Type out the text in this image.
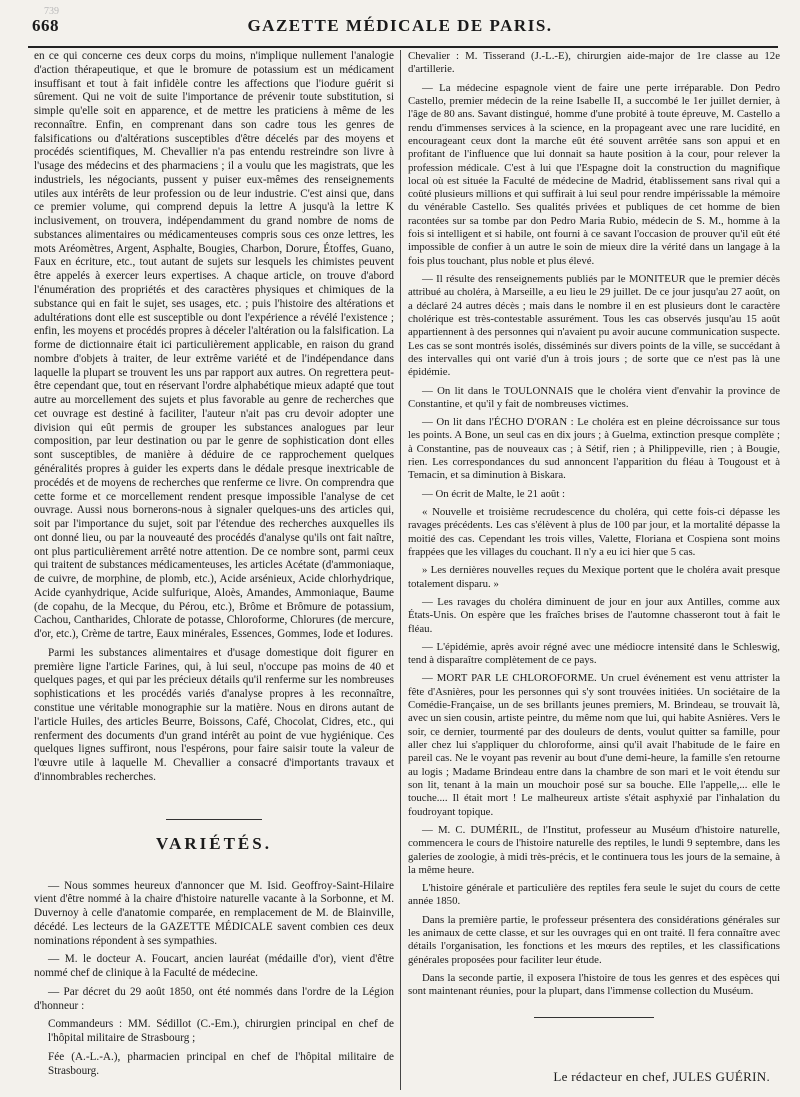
739
668	GAZETTE MÉDICALE DE PARIS.

en ce qui concerne ces deux corps du moins, n'implique nullement l'analogie d'action thérapeutique, et que le bromure de potassium est un médicament insuffisant et tout à fait infidèle contre les affections que l'iodure guérit si sûrement. Qui ne voit de suite l'importance de prévenir toute substitution, si simple qu'elle soit en apparence, et de mettre les praticiens à même de les reconnaître. Enfin, en comprenant dans son cadre tous les genres de falsifications ou d'altérations susceptibles d'être décelés par des moyens et procédés scientifiques, M. Chevallier n'a pas entendu restreindre son livre à l'usage des médecins et des pharmaciens ; il a voulu que les magistrats, que les industriels, les négociants, pussent y puiser eux-mêmes des renseignements utiles aux intérêts de leur profession ou de leur industrie. C'est ainsi que, dans ce premier volume, qui comprend depuis la lettre A jusqu'à la lettre K inclusivement, on trouvera, indépendamment du grand nombre de noms de substances alimentaires ou médicamenteuses compris sous ces onze lettres, les mots Aréomètres, Argent, Asphalte, Bougies, Charbon, Dorure, Étoffes, Guano, Faux en écriture, etc., tout autant de sujets sur lesquels les chimistes peuvent être appelés à exercer leurs expertises. A chaque article, on trouve d'abord l'énumération des propriétés et des caractères physiques et chimiques de la substance qui en fait le sujet, ses usages, etc. ; puis l'histoire des altérations et adultérations dont elle est susceptible ou dont l'expérience a révélé l'existence ; enfin, les moyens et procédés propres à déceler l'altération ou la falsification. La forme de dictionnaire était ici particulièrement applicable, en raison du grand nombre d'objets à traiter, de leur extrême variété et de l'indépendance dans laquelle la plupart se trouvent les uns par rapport aux autres. On regrettera peut-être cependant que, tout en réservant l'ordre alphabétique mieux adapté que tout autre au morcellement des sujets et plus favorable au genre de recherches que cet ouvrage est destiné à faciliter, l'auteur n'ait pas cru devoir adopter une division qui eût permis de grouper les substances analogues par leur composition, par leur destination ou par le genre de sophistication dont elles sont susceptibles, de manière à déduire de ce rapprochement quelques généralités propres à guider les experts dans le dédale presque inextricable de procédés et de moyens de recherches que renferme ce livre. On comprendra que cette forme et ce morcellement rendent presque impossible l'analyse de cet ouvrage. Aussi nous bornerons-nous à signaler quelques-uns des articles qui, soit par l'importance du sujet, soit par l'étendue des recherches auxquelles ils ont donné lieu, ou par la nouveauté des procédés d'analyse qu'ils ont fait naître, ont plus particulièrement arrêté notre attention. De ce nombre sont, parmi ceux qui traitent de substances médicamenteuses, les articles Acétate (d'ammoniaque, de cuivre, de morphine, de plomb, etc.), Acide arsénieux, Acide chlorhydrique, Acide cyanhydrique, Acide sulfurique, Aloès, Amandes, Ammoniaque, Baume (de copahu, de la Mecque, du Pérou, etc.), Brôme et Brômure de potassium, Cachou, Cantharides, Chlorate de potasse, Chloroforme, Chlorures (de mercure, d'or, etc.), Crème de tartre, Eaux minérales, Essences, Gommes, Iode et Iodures.

Parmi les substances alimentaires et d'usage domestique doit figurer en première ligne l'article Farines, qui, à lui seul, n'occupe pas moins de 40 et quelques pages, et qui par les précieux détails qu'il renferme sur les nombreuses sophistications et les procédés variés d'analyse propres à les reconnaître, constitue une véritable monographie sur la matière. Nous en dirons autant de l'article Huiles, des articles Beurre, Boissons, Café, Chocolat, Cidres, etc., qui renferment des documents d'un grand intérêt au point de vue hygiénique. Ces quelques lignes suffiront, nous l'espérons, pour faire saisir toute la valeur de l'œuvre utile à laquelle M. Chevallier a consacré d'importants travaux et d'innombrables recherches.

VARIÉTÉS.

— Nous sommes heureux d'annoncer que M. Isid. Geoffroy-Saint-Hilaire vient d'être nommé à la chaire d'histoire naturelle vacante à la Sorbonne, et M. Duvernoy à celle d'anatomie comparée, en remplacement de M. de Blainville, décédé. Les lecteurs de la GAZETTE MÉDICALE savent combien ces deux nominations répondent à ses sympathies.

— M. le docteur A. Foucart, ancien lauréat (médaille d'or), vient d'être nommé chef de clinique à la Faculté de médecine.

— Par décret du 29 août 1850, ont été nommés dans l'ordre de la Légion d'honneur :

Commandeurs : MM. Sédillot (C.-Em.), chirurgien principal en chef de l'hôpital militaire de Strasbourg ;

Fée (A.-L.-A.), pharmacien principal en chef de l'hôpital militaire de Strasbourg.

Chevalier : M. Tisserand (J.-L.-E), chirurgien aide-major de 1re classe au 12e d'artillerie.

— La médecine espagnole vient de faire une perte irréparable. Don Pedro Castello, premier médecin de la reine Isabelle II, a succombé le 1er juillet dernier, à l'âge de 80 ans. Savant distingué, homme d'une probité à toute épreuve, M. Castello a rendu d'immenses services à la science, en la propageant avec une rare lucidité, en encourageant ceux dont la marche eût été souvent arrêtée sans son appui et en profitant de l'influence que lui donnait sa haute position à la cour, pour relever la profession médicale. C'est à lui que l'Espagne doit la construction du magnifique local où est située la Faculté de médecine de Madrid, établissement sans rival qui a coûté plusieurs millions et qui suffirait à lui seul pour rendre impérissable la mémoire du vénérable Castello. Ses qualités privées et publiques de cet homme de bien racontées sur sa tombe par don Pedro Maria Rubio, médecin de S. M., homme à la fois si intelligent et si habile, ont fourni à ce savant l'occasion de prouver qu'il eût été impossible de confier à un autre le soin de mieux dire la vérité dans un langage à la fois plus touchant, plus noble et plus élevé.

— Il résulte des renseignements publiés par le MONITEUR que le premier décès attribué au choléra, à Marseille, a eu lieu le 29 juillet. De ce jour jusqu'au 27 août, on a déclaré 24 autres décès ; mais dans le nombre il en est plusieurs dont le caractère cholérique est très-contestable assurément. Tous les cas observés jusqu'au 15 août appartiennent à des personnes qui n'avaient pu avoir aucune communication suspecte. Les cas se sont montrés isolés, disséminés sur divers points de la ville, se succédant à des intervalles qui ont varié d'un à trois jours ; de sorte que ce n'est pas là une épidémie.

— On lit dans le TOULONNAIS que le choléra vient d'envahir la province de Constantine, et qu'il y fait de nombreuses victimes.

— On lit dans l'ÉCHO D'ORAN : Le choléra est en pleine décroissance sur tous les points. A Bone, un seul cas en dix jours ; à Guelma, extinction presque complète ; à Constantine, pas de nouveaux cas ; à Sétif, rien ; à Philippeville, rien ; à Bougie, rien. Les correspondances du sud annoncent l'apparition du fléau à Tougoust et à Temacin, et sa diminution à Biskara.

— On écrit de Malte, le 21 août :

« Nouvelle et troisième recrudescence du choléra, qui cette fois-ci dépasse les ravages précédents. Les cas s'élèvent à plus de 100 par jour, et la mortalité dépasse la moitié des cas. Cependant les trois villes, Valette, Floriana et Cospiena sont moins frappées que les villages du couchant. Il n'y a eu ici hier que 5 cas.

» Les dernières nouvelles reçues du Mexique portent que le choléra avait presque totalement disparu. »

— Les ravages du choléra diminuent de jour en jour aux Antilles, comme aux États-Unis. On espère que les fraîches brises de l'automne chasseront tout à fait le fléau.

— L'épidémie, après avoir régné avec une médiocre intensité dans le Schleswig, tend à disparaître complètement de ce pays.

— MORT PAR LE CHLOROFORME. Un cruel événement est venu attrister la fête d'Asnières, pour les personnes qui s'y sont trouvées initiées. Un sociétaire de la Comédie-Française, un de ses brillants jeunes premiers, M. Brindeau, se trouvait là, avec un sien cousin, artiste peintre, du même nom que lui, qui habite Asnières. Vers le soir, ce dernier, tourmenté par des douleurs de dents, voulut quitter sa famille, pour aller chez lui s'appliquer du chloroforme, ainsi qu'il avait l'habitude de le faire en pareil cas. Ne le voyant pas revenir au bout d'une demi-heure, la famille s'en retourne au logis ; Madame Brindeau entre dans la chambre de son mari et le voit étendu sur son lit, tenant à la main un mouchoir posé sur sa bouche. Elle l'appelle,... elle le touche.... Il était mort ! Le malheureux artiste s'était asphyxié par l'inhalation du foudroyant topique.

— M. C. DUMÉRIL, de l'Institut, professeur au Muséum d'histoire naturelle, commencera le cours de l'histoire naturelle des reptiles, le lundi 9 septembre, dans les galeries de zoologie, à midi très-précis, et le continuera tous les jours de la semaine, à la même heure.

L'histoire générale et particulière des reptiles fera seule le sujet du cours de cette année 1850.

Dans la première partie, le professeur présentera des considérations générales sur les animaux de cette classe, et sur les ouvrages qui en ont traité. Il fera connaître avec détails l'organisation, les fonctions et les mœurs des reptiles, et les classifications générales proposées pour faciliter leur étude.

Dans la seconde partie, il exposera l'histoire de tous les genres et des espèces qui sont maintenant réunies, pour la plupart, dans l'immense collection du Muséum.

Le rédacteur en chef, JULES GUÉRIN.
